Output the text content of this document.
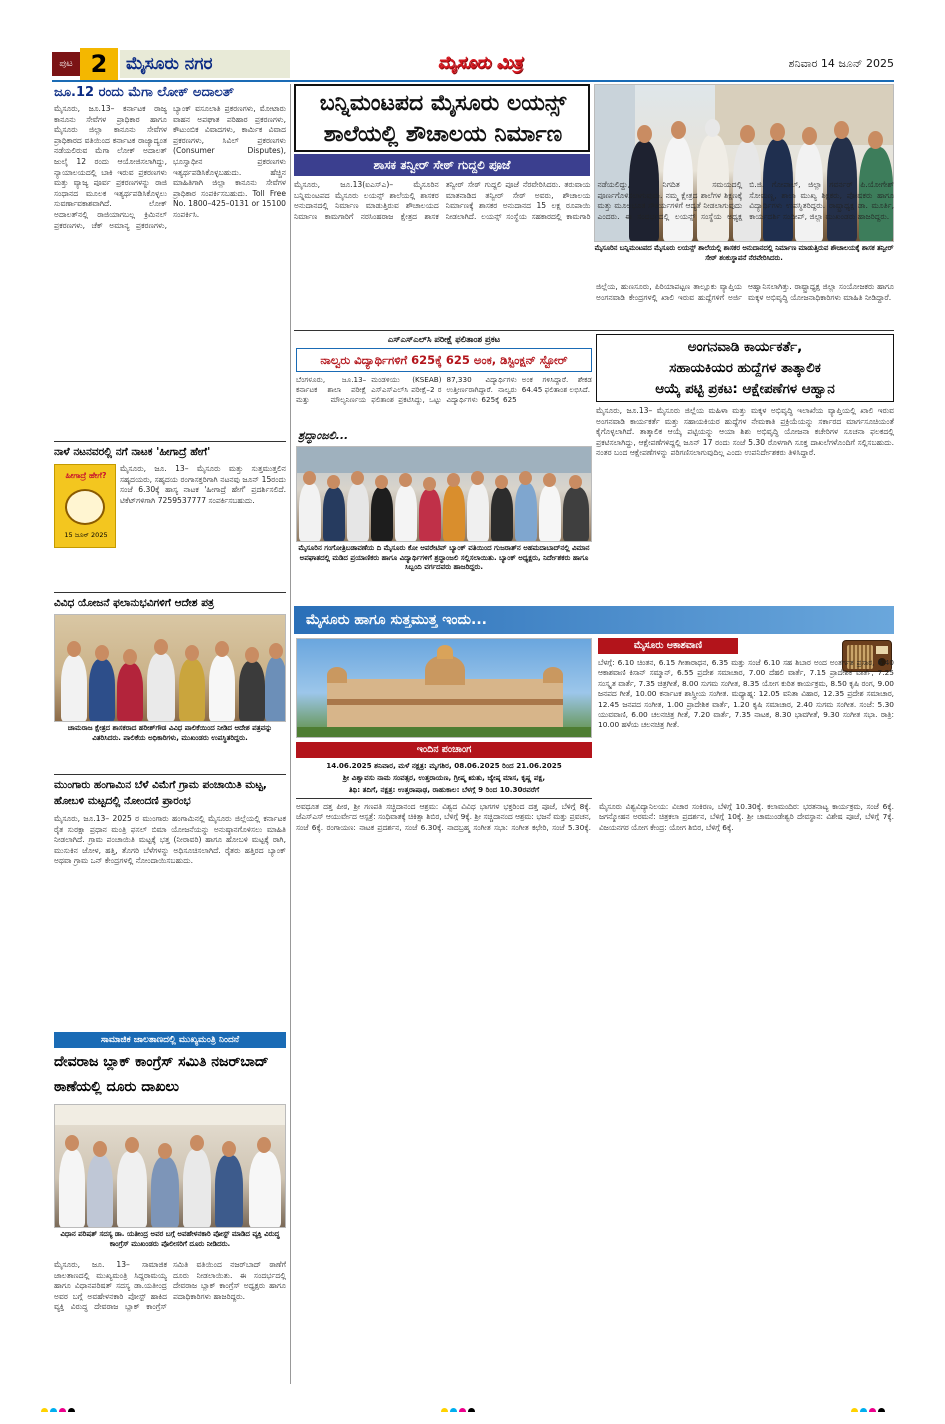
ಪುಟ 2	ಮೈಸೂರು ನಗರ	ಮೈಸೂರು ಮಿತ್ರ	ಶನಿವಾರ 14 ಜೂನ್ 2025
ಜೂ.12 ರಂದು ಮೆಗಾ ಲೋಕ್ ಅದಾಲತ್
ಮೈಸೂರು, ಜೂ.13– ಕರ್ನಾಟಕ ರಾಜ್ಯ ಕಾನೂನು ಸೇವೆಗಳ ಪ್ರಾಧಿಕಾರ ಹಾಗೂ ಮೈಸೂರು ಜಿಲ್ಲಾ ಕಾನೂನು ಸೇವೆಗಳ ಪ್ರಾಧಿಕಾರದ ವತಿಯಿಂದ ಕರ್ನಾಟಕ ರಾಜ್ಯಾದ್ಯಂತ ನಡೆಯಲಿರುವ ಮೆಗಾ ಲೋಕ್ ಅದಾಲತ್ ಜುಲೈ 12 ರಂದು ಆಯೋಜಿಸಲಾಗಿದ್ದು, ನ್ಯಾಯಾಲಯದಲ್ಲಿ ಬಾಕಿ ಇರುವ ಪ್ರಕರಣಗಳು ಮತ್ತು ವ್ಯಾಜ್ಯ ಪೂರ್ವ ಪ್ರಕರಣಗಳನ್ನು ರಾಜಿ ಸಂಧಾನದ ಮೂಲಕ ಇತ್ಯರ್ಥಪಡಿಸಿಕೊಳ್ಳಲು ಸುವರ್ಣಾವಕಾಶವಾಗಿದೆ. ಲೋಕ್ ಅದಾಲತ್‌ನಲ್ಲಿ ರಾಜಿಯಾಗಬಲ್ಲ ಕ್ರಿಮಿನಲ್ ಪ್ರಕರಣಗಳು, ಚೆಕ್ ಅಮಾನ್ಯ ಪ್ರಕರಣಗಳು, ಬ್ಯಾಂಕ್ ವಸೂಲಾತಿ ಪ್ರಕರಣಗಳು, ಮೋಟಾರು ವಾಹನ ಅಪಘಾತ ಪರಿಹಾರ ಪ್ರಕರಣಗಳು, ಕೌಟುಂಬಿಕ ವಿವಾದಗಳು, ಕಾರ್ಮಿಕ ವಿವಾದ ಪ್ರಕರಣಗಳು, ಸಿವಿಲ್ ಪ್ರಕರಣಗಳು (Consumer Disputes), ಭೂಸ್ವಾಧೀನ ಪ್ರಕರಣಗಳು ಇತ್ಯರ್ಥಪಡಿಸಿಕೊಳ್ಳಬಹುದು. ಹೆಚ್ಚಿನ ಮಾಹಿತಿಗಾಗಿ ಜಿಲ್ಲಾ ಕಾನೂನು ಸೇವೆಗಳ ಪ್ರಾಧಿಕಾರ ಸಂಪರ್ಕಿಸಬಹುದು. Toll Free No. 1800–425–0131 or 15100 ಸಂಪರ್ಕಿಸಿ.
ನಾಳೆ ನಟನವರಲ್ಲಿ ನಗೆ ನಾಟಕ 'ಹೀಗಾದ್ರೆ ಹೇಗೆ'
ಹೀಗಾದ್ರೆ ಹೇಗೆ?
15 ಜೂನ್ 2025
ಮೈಸೂರು, ಜೂ. 13– ಮೈಸೂರು ಮತ್ತು ಸುತ್ತಮುತ್ತಲಿನ ಸಹೃದಯರು, ಸಹೃದಯ ರಂಗಾಸಕ್ತರಿಗಾಗಿ ನಟನವು ಜೂನ್ 15ರಂದು ಸಂಜೆ 6.30ಕ್ಕೆ ಹಾಸ್ಯ ನಾಟಕ 'ಹೀಗಾದ್ರೆ ಹೇಗೆ' ಪ್ರದರ್ಶಿಸಲಿದೆ. ಟಿಕೆಟ್‌ಗಳಿಗಾಗಿ 7259537777 ಸಂಪರ್ಕಿಸಬಹುದು.
ವಿವಿಧ ಯೋಜನೆ ಫಲಾನುಭವಿಗಳಿಗೆ ಆದೇಶ ಪತ್ರ
ಚಾಮರಾಜ ಕ್ಷೇತ್ರದ ಶಾಸಕರಾದ ಹರೀಶ್‌ಗೌಡ ವಿವಿಧ ಪಾಲಿಕೆಯಿಂದ ನೀಡಿದ ಆದೇಶ ಪತ್ರವನ್ನು ವಿತರಿಸಿದರು. ಪಾಲಿಕೆಯ ಅಧಿಕಾರಿಗಳು, ಮುಖಂಡರು ಉಪಸ್ಥಿತರಿದ್ದರು.
ಮುಂಗಾರು ಹಂಗಾಮಿನ ಬೆಳೆ ವಿಮೆಗೆ ಗ್ರಾಮ ಪಂಚಾಯಿತಿ ಮಟ್ಟ, ಹೋಬಳಿ ಮಟ್ಟದಲ್ಲಿ ನೋಂದಣಿ ಪ್ರಾರಂಭ
ಮೈಸೂರು, ಜೂ.13– 2025 ರ ಮುಂಗಾರು ಹಂಗಾಮಿನಲ್ಲಿ ಮೈಸೂರು ಜಿಲ್ಲೆಯಲ್ಲಿ ಕರ್ನಾಟಕ ರೈತ ಸುರಕ್ಷಾ ಪ್ರಧಾನ ಮಂತ್ರಿ ಫಸಲ್ ಬಿಮಾ ಯೋಜನೆಯನ್ನು ಅನುಷ್ಠಾನಗೊಳಿಸಲು ಮಾಹಿತಿ ನೀಡಲಾಗಿದೆ. ಗ್ರಾಮ ಪಂಚಾಯಿತಿ ಮಟ್ಟಕ್ಕೆ ಭತ್ತ (ನೀರಾವರಿ) ಹಾಗೂ ಹೋಬಳಿ ಮಟ್ಟಕ್ಕೆ ರಾಗಿ, ಮುಸುಕಿನ ಜೋಳ, ಹತ್ತಿ, ತೊಗರಿ ಬೆಳೆಗಳನ್ನು ಅಧಿಸೂಚಿಸಲಾಗಿದೆ. ರೈತರು ಹತ್ತಿರದ ಬ್ಯಾಂಕ್ ಅಥವಾ ಗ್ರಾಮ ಒನ್ ಕೇಂದ್ರಗಳಲ್ಲಿ ನೋಂದಾಯಿಸಬಹುದು.
ಸಾಮಾಜಿಕ ಜಾಲತಾಣದಲ್ಲಿ ಮುಖ್ಯಮಂತ್ರಿ ನಿಂದನೆ
ದೇವರಾಜ ಬ್ಲಾಕ್ ಕಾಂಗ್ರೆಸ್ ಸಮಿತಿ ನಜರ್‌ಬಾದ್ ಠಾಣೆಯಲ್ಲಿ ದೂರು ದಾಖಲು
ವಿಧಾನ ಪರಿಷತ್ ಸದಸ್ಯ ಡಾ. ಯತೀಂದ್ರ ಅವರ ಬಗ್ಗೆ ಅವಹೇಳನಕಾರಿ ಪೋಸ್ಟ್ ಮಾಡಿದ ವ್ಯಕ್ತಿ ವಿರುದ್ಧ ಕಾಂಗ್ರೆಸ್ ಮುಖಂಡರು ಪೊಲೀಸರಿಗೆ ದೂರು ನೀಡಿದರು.
ಮೈಸೂರು, ಜೂ. 13– ಸಾಮಾಜಿಕ ಜಾಲತಾಣದಲ್ಲಿ ಮುಖ್ಯಮಂತ್ರಿ ಸಿದ್ದರಾಮಯ್ಯ ಹಾಗೂ ವಿಧಾನಪರಿಷತ್ ಸದಸ್ಯ ಡಾ.ಯತೀಂದ್ರ ಅವರ ಬಗ್ಗೆ ಅವಹೇಳನಕಾರಿ ಪೋಸ್ಟ್ ಹಾಕಿದ ವ್ಯಕ್ತಿ ವಿರುದ್ಧ ದೇವರಾಜ ಬ್ಲಾಕ್ ಕಾಂಗ್ರೆಸ್ ಸಮಿತಿ ವತಿಯಿಂದ ನಜರ್‌ಬಾದ್ ಠಾಣೆಗೆ ದೂರು ನೀಡಲಾಯಿತು. ಈ ಸಂದರ್ಭದಲ್ಲಿ ದೇವರಾಜ ಬ್ಲಾಕ್ ಕಾಂಗ್ರೆಸ್ ಅಧ್ಯಕ್ಷರು ಹಾಗೂ ಪದಾಧಿಕಾರಿಗಳು ಹಾಜರಿದ್ದರು.
ಬನ್ನಿಮಂಟಪದ ಮೈಸೂರು ಲಯನ್ಸ್ ಶಾಲೆಯಲ್ಲಿ ಶೌಚಾಲಯ ನಿರ್ಮಾಣ
ಶಾಸಕ ತನ್ವೀರ್ ಸೇಠ್ ಗುದ್ದಲಿ ಪೂಜೆ
ಮೈಸೂರಿನ ಬನ್ನಿಮಂಟಪದ ಮೈಸೂರು ಲಯನ್ಸ್ ಶಾಲೆಯಲ್ಲಿ ಶಾಸಕರ ಅನುದಾನದಲ್ಲಿ ನಿರ್ಮಾಣ ಮಾಡುತ್ತಿರುವ ಶೌಚಾಲಯಕ್ಕೆ ಶಾಸಕ ತನ್ವೀರ್ ಸೇಠ್ ಶಂಕುಸ್ಥಾಪನೆ ನೆರವೇರಿಸಿದರು.
ಮೈಸೂರು, ಜೂ.13(ಐಎಸ್‌ಎ)– ಮೈಸೂರಿನ ಬನ್ನಿಮಂಟಪದ ಮೈಸೂರು ಲಯನ್ಸ್ ಶಾಲೆಯಲ್ಲಿ ಶಾಸಕರ ಅನುದಾನದಲ್ಲಿ ನಿರ್ಮಾಣ ಮಾಡುತ್ತಿರುವ ಶೌಚಾಲಯದ ನಿರ್ಮಾಣ ಕಾಮಗಾರಿಗೆ ನರಸಿಂಹರಾಜ ಕ್ಷೇತ್ರದ ಶಾಸಕ ತನ್ವೀರ್ ಸೇಠ್ ಗುದ್ದಲಿ ಪೂಜೆ ನೆರವೇರಿಸಿದರು. ತರುವಾಯ ಮಾತನಾಡಿದ ತನ್ವೀರ್ ಸೇಠ್ ಅವರು, ಶೌಚಾಲಯ ನಿರ್ಮಾಣಕ್ಕೆ ಶಾಸಕರ ಅನುದಾನದ 15 ಲಕ್ಷ ರೂಪಾಯಿ ನೀಡಲಾಗಿದೆ. ಲಯನ್ಸ್ ಸಂಸ್ಥೆಯ ಸಹಕಾರದಲ್ಲಿ ಕಾಮಗಾರಿ ನಡೆಯಲಿದ್ದು, ನಿಗದಿತ ಸಮಯದಲ್ಲಿ ಪೂರ್ಣಗೊಳಿಸಲಾಗುವುದು. ನಮ್ಮ ಕ್ಷೇತ್ರದ ಶಾಲೆಗಳ ಶಿಕ್ಷಣಕ್ಕೆ ಮತ್ತು ಮೂಲಭೂತ ಸೌಕರ್ಯಗಳಿಗೆ ಆದ್ಯತೆ ನೀಡಲಾಗುವುದು ಎಂದರು. ಈ ಸಂದರ್ಭದಲ್ಲಿ ಲಯನ್ಸ್ ಸಂಸ್ಥೆಯ ಅಧ್ಯಕ್ಷ ಬಿ.ಜಿ. ಗೋಪಾಲ್, ಜಿಲ್ಲಾ ಗವರ್ನರ್ ಪಿ.ಯೋಗೇಶ್ ಸೋಮಣ್ಣ, ಶಾಲಾ ಮುಖ್ಯ ಶಿಕ್ಷಕರು, ಪೋಷಕರು ಹಾಗೂ ವಿದ್ಯಾರ್ಥಿಗಳು ಉಪಸ್ಥಿತರಿದ್ದರು. ರಾಷ್ಟ್ರಾಧ್ಯಕ್ಷ ಡಾ. ಮೂರ್ತಿ, ಕಾರ್ಯದರ್ಶಿ ಸಂದೀಪ್, ಜಿಲ್ಲಾ ಮುಖಂಡರು ಹಾಜರಿದ್ದರು.
ಎಸ್‌ಎಸ್‌ಎಲ್‌ಸಿ ಪರೀಕ್ಷೆ ಫಲಿತಾಂಶ ಪ್ರಕಟ
ನಾಲ್ವರು ವಿದ್ಯಾರ್ಥಿಗಳಿಗೆ 625ಕ್ಕೆ 625 ಅಂಕ, ಡಿಸ್ಟಿಂಕ್ಷನ್ ಸ್ಟೋರ್
ಬೆಂಗಳೂರು, ಜೂ.13– ಕರ್ನಾಟಕ ಶಾಲಾ ಪರೀಕ್ಷೆ ಮತ್ತು ಮೌಲ್ಯನಿರ್ಣಯ ಮಂಡಳಿಯು (KSEAB) ಎಸ್‌ಎಸ್‌ಎಲ್‌ಸಿ ಪರೀಕ್ಷೆ–2 ರ ಫಲಿತಾಂಶ ಪ್ರಕಟಿಸಿದ್ದು, ಒಟ್ಟು 87,330 ವಿದ್ಯಾರ್ಥಿಗಳು ಉತ್ತೀರ್ಣರಾಗಿದ್ದಾರೆ. ನಾಲ್ವರು ವಿದ್ಯಾರ್ಥಿಗಳು 625ಕ್ಕೆ 625 ಅಂಕ ಗಳಿಸಿದ್ದಾರೆ. ಶೇಕಡ 64.45 ಫಲಿತಾಂಶ ಲಭಿಸಿದೆ.
ಶ್ರದ್ಧಾಂಜಲಿ...
ಮೈಸೂರಿನ ಗಂಗೋತ್ರಿಬಡಾವಣೆಯ ದಿ ಮೈಸೂರು ಕೋ ಆಪರೇಟಿವ್ ಬ್ಯಾಂಕ್ ವತಿಯಿಂದ ಗುಜರಾತ್‌ನ ಅಹಮದಾಬಾದ್‌ನಲ್ಲಿ ವಿಮಾನ ಅಪಘಾತದಲ್ಲಿ ಮಡಿದ ಪ್ರಯಾಣಿಕರು ಹಾಗೂ ವಿದ್ಯಾರ್ಥಿಗಳಿಗೆ ಶ್ರದ್ಧಾಂಜಲಿ ಸಲ್ಲಿಸಲಾಯಿತು. ಬ್ಯಾಂಕ್ ಅಧ್ಯಕ್ಷರು, ನಿರ್ದೇಶಕರು ಹಾಗೂ ಸಿಬ್ಬಂದಿ ವರ್ಗದವರು ಹಾಜರಿದ್ದರು.
ಅಂಗನವಾಡಿ ಕಾರ್ಯಕರ್ತೆ,
ಸಹಾಯಕಿಯರ ಹುದ್ದೆಗಳ ತಾತ್ಕಾಲಿಕ
ಆಯ್ಕೆ ಪಟ್ಟಿ ಪ್ರಕಟ: ಆಕ್ಷೇಪಣೆಗಳ ಆಹ್ವಾನ
ಜಿಲ್ಲೆಯ, ಹುಣಸೂರು, ಪಿರಿಯಾಪಟ್ಟಣ ತಾಲ್ಲೂಕು ವ್ಯಾಪ್ತಿಯ ಅಂಗನವಾಡಿ ಕೇಂದ್ರಗಳಲ್ಲಿ ಖಾಲಿ ಇರುವ ಹುದ್ದೆಗಳಿಗೆ ಅರ್ಜಿ ಆಹ್ವಾನಿಸಲಾಗಿತ್ತು. ರಾಷ್ಟ್ರಾಧ್ಯಕ್ಷ ಜಿಲ್ಲಾ ಸಂಯೋಜಕರು ಹಾಗೂ ಮಕ್ಕಳ ಅಭಿವೃದ್ಧಿ ಯೋಜನಾಧಿಕಾರಿಗಳು ಮಾಹಿತಿ ನೀಡಿದ್ದಾರೆ.
ಮೈಸೂರು, ಜೂ.13– ಮೈಸೂರು ಜಿಲ್ಲೆಯ ಮಹಿಳಾ ಮತ್ತು ಮಕ್ಕಳ ಅಭಿವೃದ್ಧಿ ಇಲಾಖೆಯ ವ್ಯಾಪ್ತಿಯಲ್ಲಿ ಖಾಲಿ ಇರುವ ಅಂಗನವಾಡಿ ಕಾರ್ಯಕರ್ತೆ ಮತ್ತು ಸಹಾಯಕಿಯರ ಹುದ್ದೆಗಳ ನೇಮಕಾತಿ ಪ್ರಕ್ರಿಯೆಯನ್ನು ಸರ್ಕಾರದ ಮಾರ್ಗಸೂಚಿಯಂತೆ ಕೈಗೊಳ್ಳಲಾಗಿದೆ. ತಾತ್ಕಾಲಿಕ ಆಯ್ಕೆ ಪಟ್ಟಿಯನ್ನು ಆಯಾ ಶಿಶು ಅಭಿವೃದ್ಧಿ ಯೋಜನಾ ಕಚೇರಿಗಳ ಸೂಚನಾ ಫಲಕದಲ್ಲಿ ಪ್ರಕಟಿಸಲಾಗಿದ್ದು, ಆಕ್ಷೇಪಣೆಗಳಿದ್ದಲ್ಲಿ ಜೂನ್ 17 ರಂದು ಸಂಜೆ 5.30 ರೊಳಗಾಗಿ ಸೂಕ್ತ ದಾಖಲೆಗಳೊಂದಿಗೆ ಸಲ್ಲಿಸಬಹುದು. ನಂತರ ಬಂದ ಆಕ್ಷೇಪಣೆಗಳನ್ನು ಪರಿಗಣಿಸಲಾಗುವುದಿಲ್ಲ ಎಂದು ಉಪನಿರ್ದೇಶಕರು ತಿಳಿಸಿದ್ದಾರೆ.
ಮೈಸೂರು ಹಾಗೂ ಸುತ್ತಮುತ್ತ ಇಂದು...
ಮೈಸೂರು ಆಕಾಶವಾಣಿ
ಬೆಳಗ್ಗೆ: 6.10 ಚಿಂತನ, 6.15 ಗೀತಾರಾಧನ, 6.35 ಮತ್ತು ಸಂಜೆ 6.10 ಸಹ ಶಿಬಾರ ಅಂದ ಅಂತರ್ಗತ ಪ್ರಸಾರ, 6.40 ಆಕಾಶವಾಣಿ ಕಿಸಾನ್ ಸಮ್ಮಾನ್, 6.55 ಪ್ರದೇಶ ಸಮಾಚಾರ, 7.00 ದೆಹಲಿ ವಾರ್ತೆ, 7.15 ಪ್ರಾದೇಶಿಕ ವಾರ್ತೆ, 7.25 ಸಂಸ್ಕೃತ ವಾರ್ತೆ, 7.35 ಚಿತ್ರಗೀತೆ, 8.00 ಸುಗಮ ಸಂಗೀತ, 8.35 ಯೋಗ ಕುರಿತ ಕಾರ್ಯಕ್ರಮ, 8.50 ಕೃಷಿ ರಂಗ, 9.00 ಜನಪದ ಗೀತೆ, 10.00 ಕರ್ನಾಟಕ ಶಾಸ್ತ್ರೀಯ ಸಂಗೀತ. ಮಧ್ಯಾಹ್ನ: 12.05 ವನಿತಾ ವಿಹಾರ, 12.35 ಪ್ರದೇಶ ಸಮಾಚಾರ, 12.45 ಜನಪದ ಸಂಗೀತ, 1.00 ಪ್ರಾದೇಶಿಕ ವಾರ್ತೆ, 1.20 ಕೃಷಿ ಸಮಾಚಾರ, 2.40 ಸುಗಮ ಸಂಗೀತ. ಸಂಜೆ: 5.30 ಯುವವಾಣಿ, 6.00 ಚಲನಚಿತ್ರ ಗೀತೆ, 7.20 ವಾರ್ತೆ, 7.35 ನಾಟಕ, 8.30 ಭಾವಗೀತೆ, 9.30 ಸಂಗೀತ ಸಭಾ. ರಾತ್ರಿ: 10.00 ಹಳೆಯ ಚಲನಚಿತ್ರ ಗೀತೆ.
ಇಂದಿನ ಪಂಚಾಂಗ
14.06.2025 ಶನಿವಾರ, ಮಳೆ ನಕ್ಷತ್ರ: ಮೃಗಶಿರ, 08.06.2025 ರಿಂದ 21.06.2025
ಶ್ರೀ ವಿಶ್ವಾವಸು ನಾಮ ಸಂವತ್ಸರ, ಉತ್ತರಾಯಣ, ಗ್ರೀಷ್ಮ ಋತು, ಜ್ಯೇಷ್ಠ ಮಾಸ, ಕೃಷ್ಣ ಪಕ್ಷ,
ತಿಥಿ: ತದಿಗೆ, ನಕ್ಷತ್ರ: ಉತ್ತರಾಷಾಢ, ರಾಹುಕಾಲ: ಬೆಳಗ್ಗೆ 9 ರಿಂದ 10.30ರವರೆಗೆ
ಅವಧೂತ ದತ್ತ ಪೀಠ, ಶ್ರೀ ಗಣಪತಿ ಸಚ್ಚಿದಾನಂದ ಆಶ್ರಮ: ವಿಶ್ವದ ವಿವಿಧ ಭಾಗಗಳ ಭಕ್ತರಿಂದ ದತ್ತ ಪೂಜೆ, ಬೆಳಿಗ್ಗೆ 8ಕ್ಕೆ. ಜೆಎಸ್‌ಎಸ್ ಆಯುರ್ವೇದ ಆಸ್ಪತ್ರೆ: ಸಂಧಿವಾತಕ್ಕೆ ಚಿಕಿತ್ಸಾ ಶಿಬಿರ, ಬೆಳಿಗ್ಗೆ 9ಕ್ಕೆ. ಶ್ರೀ ಸಚ್ಚಿದಾನಂದ ಆಶ್ರಮ: ಭಜನೆ ಮತ್ತು ಪ್ರವಚನ, ಸಂಜೆ 6ಕ್ಕೆ. ರಂಗಾಯಣ: ನಾಟಕ ಪ್ರದರ್ಶನ, ಸಂಜೆ 6.30ಕ್ಕೆ. ನಾದಬ್ರಹ್ಮ ಸಂಗೀತ ಸಭಾ: ಸಂಗೀತ ಕಛೇರಿ, ಸಂಜೆ 5.30ಕ್ಕೆ. ಮೈಸೂರು ವಿಶ್ವವಿದ್ಯಾನಿಲಯ: ವಿಚಾರ ಸಂಕಿರಣ, ಬೆಳಿಗ್ಗೆ 10.30ಕ್ಕೆ. ಕಲಾಮಂದಿರ: ಭರತನಾಟ್ಯ ಕಾರ್ಯಕ್ರಮ, ಸಂಜೆ 6ಕ್ಕೆ. ಜಗನ್ಮೋಹನ ಅರಮನೆ: ಚಿತ್ರಕಲಾ ಪ್ರದರ್ಶನ, ಬೆಳಿಗ್ಗೆ 10ಕ್ಕೆ. ಶ್ರೀ ಚಾಮುಂಡೇಶ್ವರಿ ದೇವಸ್ಥಾನ: ವಿಶೇಷ ಪೂಜೆ, ಬೆಳಿಗ್ಗೆ 7ಕ್ಕೆ. ವಿಜಯನಗರ ಯೋಗ ಕೇಂದ್ರ: ಯೋಗ ಶಿಬಿರ, ಬೆಳಿಗ್ಗೆ 6ಕ್ಕೆ.
